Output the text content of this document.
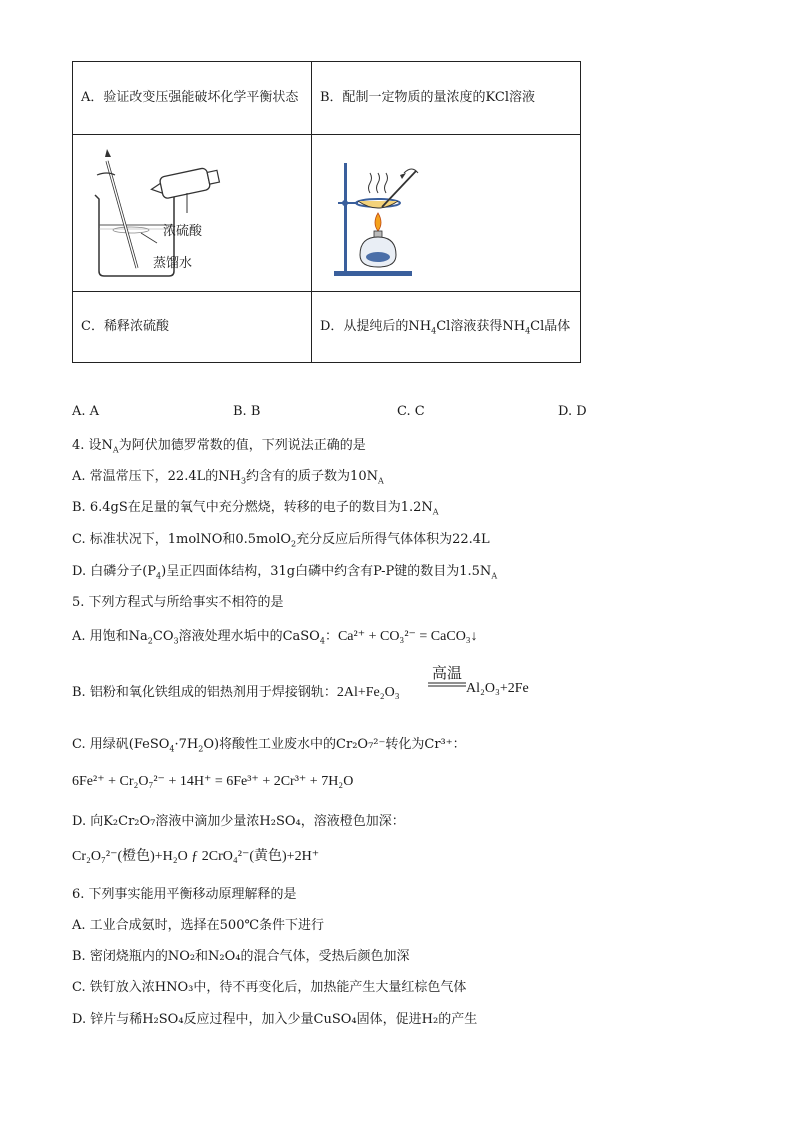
A．验证改变压强能破坏化学平衡状态	B．配制一定物质的量浓度的KCl溶液

浓硫酸
蒸馏水

C．稀释浓硫酸	D．从提纯后的$NH_4Cl$溶液获得$NH_4Cl$晶体
A. A	B. B	C. C	D. D
4. 设$N_A$为阿伏加德罗常数的值，下列说法正确的是
A. 常温常压下，22.4L的$NH_3$约含有的质子数为$10N_A$
B. 6.4gS在足量的氧气中充分燃烧，转移的电子的数目为$1.2N_A$
C. 标准状况下，1molNO和0.5molO$_2$充分反应后所得气体体积为22.4L
D. 白磷分子$(P_4)$呈正四面体结构，31g白磷中约含有P-P键的数目为$1.5N_A$
5. 下列方程式与所给事实不相符的是
A. 用饱和$Na_2CO_3$溶液处理水垢中的CaSO$_4$：Ca²⁺ + CO₃²⁻ = CaCO₃↓
B. 铝粉和氧化铁组成的铝热剂用于焊接钢轨：2Al+Fe₂O₃
高温
Al₂O₃+2Fe
C. 用绿矾$(FeSO_4\cdot 7H_2O)$将酸性工业废水中的Cr₂O₇²⁻转化为Cr³⁺：
6Fe²⁺ + Cr₂O₇²⁻ + 14H⁺ = 6Fe³⁺ + 2Cr³⁺ + 7H₂O
D. 向K₂Cr₂O₇溶液中滴加少量浓H₂SO₄，溶液橙色加深：
Cr₂O₇²⁻(橙色)+H₂O ƒ 2CrO₄²⁻(黄色)+2H⁺
6. 下列事实能用平衡移动原理解释的是
A. 工业合成氨时，选择在500℃条件下进行
B. 密闭烧瓶内的NO₂和N₂O₄的混合气体，受热后颜色加深
C. 铁钉放入浓HNO₃中，待不再变化后，加热能产生大量红棕色气体
D. 锌片与稀H₂SO₄反应过程中，加入少量CuSO₄固体，促进H₂的产生
